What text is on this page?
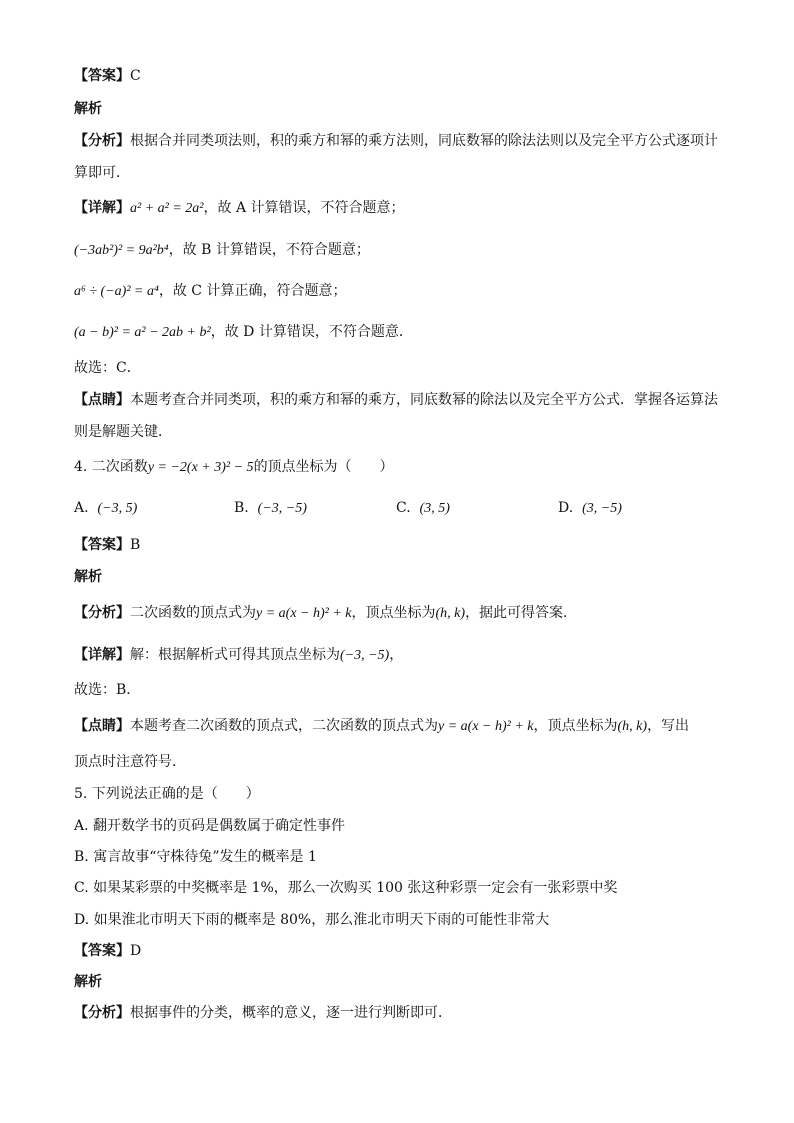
【答案】C
解析
【分析】根据合并同类项法则，积的乘方和幂的乘方法则，同底数幂的除法法则以及完全平方公式逐项计
算即可．
【详解】a² + a² = 2a²，故 A 计算错误，不符合题意；
(−3ab²)² = 9a²b⁴，故 B 计算错误，不符合题意；
a⁶ ÷ (−a)² = a⁴，故 C 计算正确，符合题意；
(a − b)² = a² − 2ab + b²，故 D 计算错误，不符合题意．
故选：C．
【点睛】本题考查合并同类项，积的乘方和幂的乘方，同底数幂的除法以及完全平方公式．掌握各运算法
则是解题关键．
4. 二次函数y = −2(x + 3)² − 5的顶点坐标为（　　）
A. (−3, 5)	B. (−3, −5)	C. (3, 5)	D. (3, −5)
【答案】B
解析
【分析】二次函数的顶点式为y = a(x − h)² + k，顶点坐标为(h, k)，据此可得答案．
【详解】解：根据解析式可得其顶点坐标为(−3, −5)，
故选：B．
【点睛】本题考查二次函数的顶点式，二次函数的顶点式为y = a(x − h)² + k，顶点坐标为(h, k)，写出
顶点时注意符号．
5. 下列说法正确的是（　　）
A. 翻开数学书的页码是偶数属于确定性事件
B. 寓言故事“守株待兔”发生的概率是 1
C. 如果某彩票的中奖概率是 1%，那么一次购买 100 张这种彩票一定会有一张彩票中奖
D. 如果淮北市明天下雨的概率是 80%，那么淮北市明天下雨的可能性非常大
【答案】D
解析
【分析】根据事件的分类，概率的意义，逐一进行判断即可．
